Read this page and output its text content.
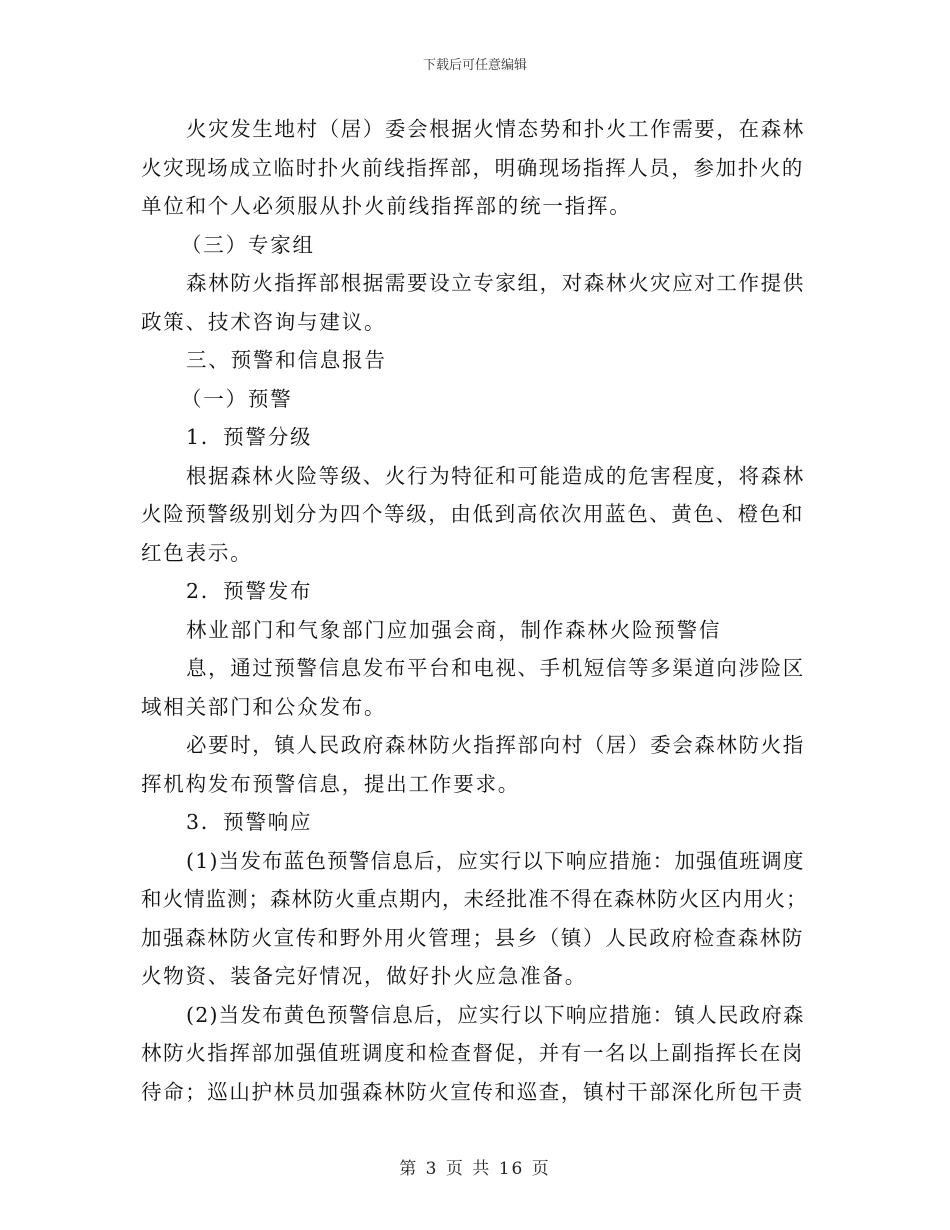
下载后可任意编辑

火灾发生地村（居）委会根据火情态势和扑火工作需要，在森林

火灾现场成立临时扑火前线指挥部，明确现场指挥人员，参加扑火的

单位和个人必须服从扑火前线指挥部的统一指挥。

（三）专家组

森林防火指挥部根据需要设立专家组，对森林火灾应对工作提供

政策、技术咨询与建议。

三、预警和信息报告

（一）预警

1．预警分级

根据森林火险等级、火行为特征和可能造成的危害程度，将森林

火险预警级别划分为四个等级，由低到高依次用蓝色、黄色、橙色和

红色表示。

2．预警发布

林业部门和气象部门应加强会商，制作森林火险预警信

息，通过预警信息发布平台和电视、手机短信等多渠道向涉险区

域相关部门和公众发布。

必要时，镇人民政府森林防火指挥部向村（居）委会森林防火指

挥机构发布预警信息，提出工作要求。

3．预警响应

(1)当发布蓝色预警信息后，应实行以下响应措施：加强值班调度

和火情监测；森林防火重点期内，未经批准不得在森林防火区内用火；

加强森林防火宣传和野外用火管理；县乡（镇）人民政府检查森林防

火物资、装备完好情况，做好扑火应急准备。

(2)当发布黄色预警信息后，应实行以下响应措施：镇人民政府森

林防火指挥部加强值班调度和检查督促，并有一名以上副指挥长在岗

待命；巡山护林员加强森林防火宣传和巡查，镇村干部深化所包干责

第 3 页 共 16 页
